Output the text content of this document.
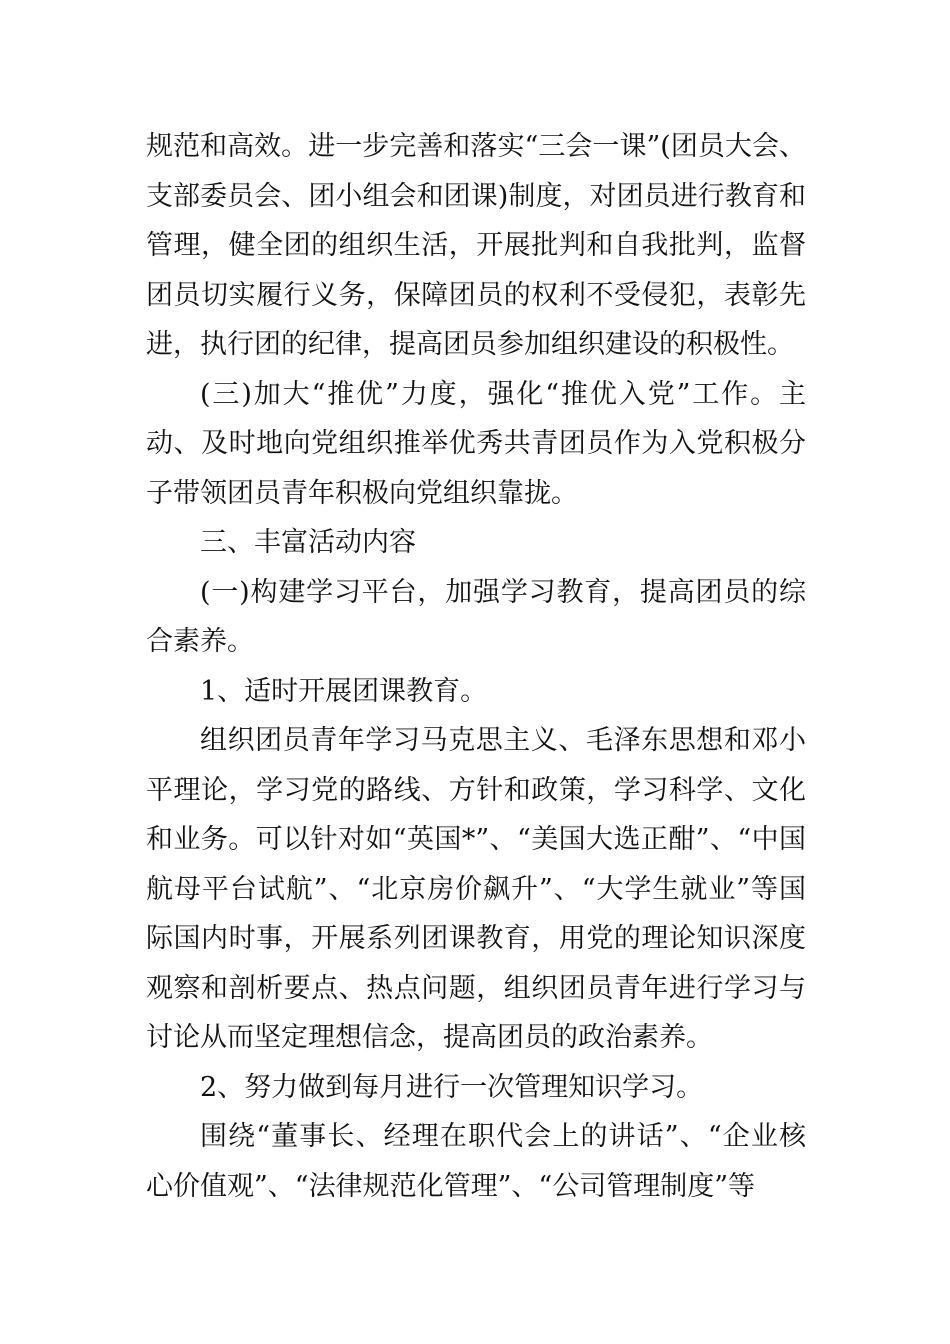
规范和高效。进一步完善和落实“三会一课”(团员大会、支部委员会、团小组会和团课)制度，对团员进行教育和管理，健全团的组织生活，开展批判和自我批判，监督团员切实履行义务，保障团员的权利不受侵犯，表彰先进，执行团的纪律，提高团员参加组织建设的积极性。

(三)加大“推优”力度，强化“推优入党”工作。主动、及时地向党组织推举优秀共青团员作为入党积极分子带领团员青年积极向党组织靠拢。

三、丰富活动内容

(一)构建学习平台，加强学习教育，提高团员的综合素养。

1、适时开展团课教育。

组织团员青年学习马克思主义、毛泽东思想和邓小平理论，学习党的路线、方针和政策，学习科学、文化和业务。可以针对如“英国*”、“美国大选正酣”、“中国航母平台试航”、“北京房价飙升”、“大学生就业”等国际国内时事，开展系列团课教育，用党的理论知识深度观察和剖析要点、热点问题，组织团员青年进行学习与讨论从而坚定理想信念，提高团员的政治素养。

2、努力做到每月进行一次管理知识学习。

围绕“董事长、经理在职代会上的讲话”、“企业核心价值观”、“法律规范化管理”、“公司管理制度”等
